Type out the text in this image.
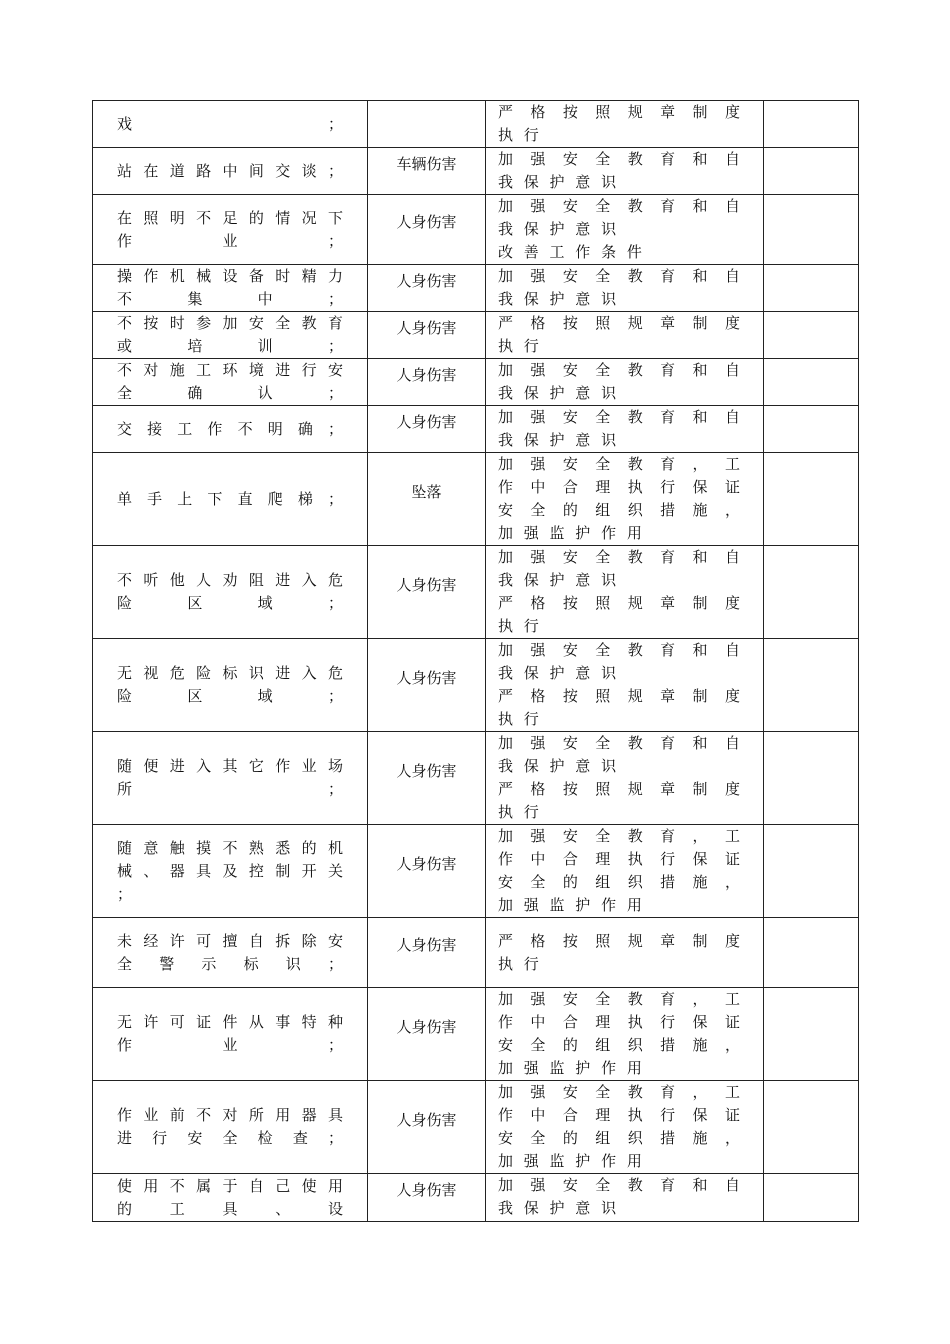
戏 ；		严 格 按 照 规 章 制 度
执 行	

站 在 道 路 中 间 交 谈 ；	车辆伤害	加 强 安 全 教 育 和 自
我 保 护 意 识	

在 照 明 不 足 的 情 况 下 作 业 ；	人身伤害	加 强 安 全 教 育 和 自
我 保 护 意 识
改 善 工 作 条 件	

操 作 机 械 设 备 时 精 力 不 集 中 ；	人身伤害	加 强 安 全 教 育 和 自
我 保 护 意 识	

不 按 时 参 加 安 全 教 育 或 培 训 ；	人身伤害	严 格 按 照 规 章 制 度
执 行	

不 对 施 工 环 境 进 行 安 全 确 认 ；	人身伤害	加 强 安 全 教 育 和 自
我 保 护 意 识	

交 接 工 作 不 明 确 ；	人身伤害	加 强 安 全 教 育 和 自
我 保 护 意 识	

单 手 上 下 直 爬 梯 ；	坠落	加 强 安 全 教 育 ， 工
作 中 合 理 执 行 保 证
安 全 的 组 织 措 施 ，
加 强 监 护 作 用	

不 听 他 人 劝 阻 进 入 危 险 区 域 ；	人身伤害	加 强 安 全 教 育 和 自
我 保 护 意 识
严 格 按 照 规 章 制 度
执 行	

无 视 危 险 标 识 进 入 危 险 区 域 ；	人身伤害	加 强 安 全 教 育 和 自
我 保 护 意 识
严 格 按 照 规 章 制 度
执 行	

随 便 进 入 其 它 作 业 场 所 ；	人身伤害	加 强 安 全 教 育 和 自
我 保 护 意 识
严 格 按 照 规 章 制 度
执 行	

随 意 触 摸 不 熟 悉 的 机 械 、 器 具 及 控 制 开 关 ；	人身伤害	加 强 安 全 教 育 ， 工
作 中 合 理 执 行 保 证
安 全 的 组 织 措 施 ，
加 强 监 护 作 用	

未 经 许 可 擅 自 拆 除 安 全 警 示 标 识 ；	人身伤害	严 格 按 照 规 章 制 度
执 行	

无 许 可 证 件 从 事 特 种 作 业 ；	人身伤害	加 强 安 全 教 育 ， 工
作 中 合 理 执 行 保 证
安 全 的 组 织 措 施 ，
加 强 监 护 作 用	

作 业 前 不 对 所 用 器 具 进 行 安 全 检 查 ；	人身伤害	加 强 安 全 教 育 ， 工
作 中 合 理 执 行 保 证
安 全 的 组 织 措 施 ，
加 强 监 护 作 用	

使 用 不 属 于 自 己 使 用 的 工 具 、 设	人身伤害	加 强 安 全 教 育 和 自
我 保 护 意 识	
